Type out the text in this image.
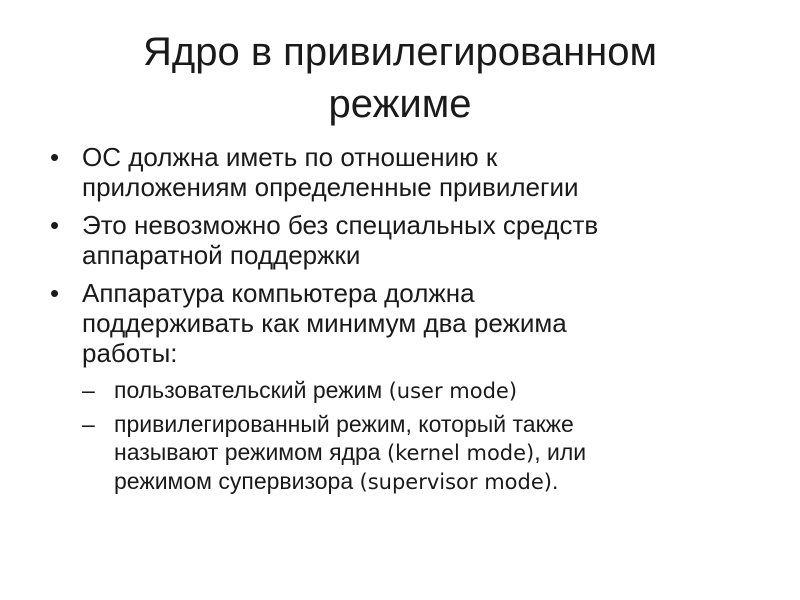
Ядро в привилегированном
режиме
• ОС должна иметь по отношению к
приложениям определенные привилегии
• Это невозможно без специальных средств
аппаратной поддержки
• Аппаратура компьютера должна
поддерживать как минимум два режима
работы:
– пользовательский режим (user mode)
– привилегированный режим, который также
называют режимом ядра (kernel mode), или
режимом супервизора (supervisor mode).
